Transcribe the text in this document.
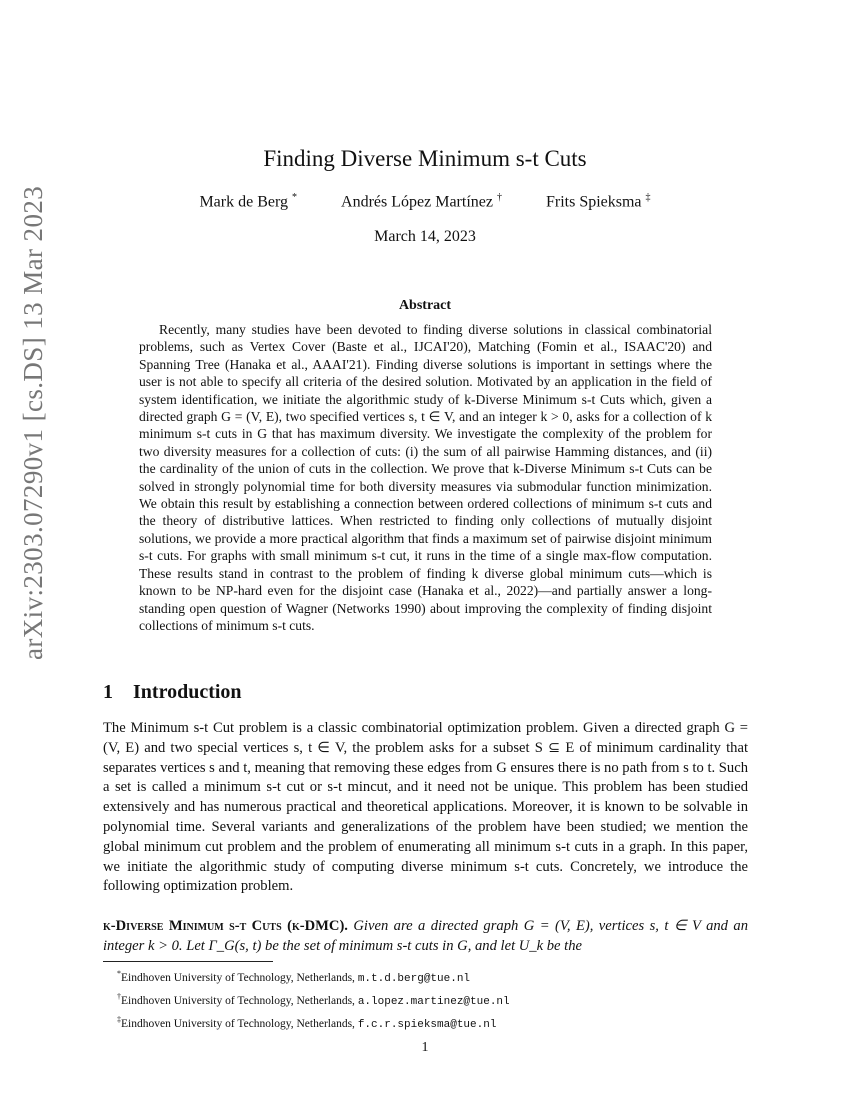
arXiv:2303.07290v1 [cs.DS] 13 Mar 2023
Finding Diverse Minimum s-t Cuts
Mark de Berg *	Andrés López Martínez †	Frits Spieksma ‡
March 14, 2023
Abstract

Recently, many studies have been devoted to finding diverse solutions in classical combinatorial problems, such as Vertex Cover (Baste et al., IJCAI'20), Matching (Fomin et al., ISAAC'20) and Spanning Tree (Hanaka et al., AAAI'21). Finding diverse solutions is important in settings where the user is not able to specify all criteria of the desired solution. Motivated by an application in the field of system identification, we initiate the algorithmic study of k-Diverse Minimum s-t Cuts which, given a directed graph G = (V, E), two specified vertices s, t ∈ V, and an integer k > 0, asks for a collection of k minimum s-t cuts in G that has maximum diversity. We investigate the complexity of the problem for two diversity measures for a collection of cuts: (i) the sum of all pairwise Hamming distances, and (ii) the cardinality of the union of cuts in the collection. We prove that k-Diverse Minimum s-t Cuts can be solved in strongly polynomial time for both diversity measures via submodular function minimization. We obtain this result by establishing a connection between ordered collections of minimum s-t cuts and the theory of distributive lattices. When restricted to finding only collections of mutually disjoint solutions, we provide a more practical algorithm that finds a maximum set of pairwise disjoint minimum s-t cuts. For graphs with small minimum s-t cut, it runs in the time of a single max-flow computation. These results stand in contrast to the problem of finding k diverse global minimum cuts—which is known to be NP-hard even for the disjoint case (Hanaka et al., 2022)—and partially answer a long-standing open question of Wagner (Networks 1990) about improving the complexity of finding disjoint collections of minimum s-t cuts.

1 Introduction

The Minimum s-t Cut problem is a classic combinatorial optimization problem. Given a directed graph G = (V, E) and two special vertices s, t ∈ V, the problem asks for a subset S ⊆ E of minimum cardinality that separates vertices s and t, meaning that removing these edges from G ensures there is no path from s to t. Such a set is called a minimum s-t cut or s-t mincut, and it need not be unique. This problem has been studied extensively and has numerous practical and theoretical applications. Moreover, it is known to be solvable in polynomial time. Several variants and generalizations of the problem have been studied; we mention the global minimum cut problem and the problem of enumerating all minimum s-t cuts in a graph. In this paper, we initiate the algorithmic study of computing diverse minimum s-t cuts. Concretely, we introduce the following optimization problem.

k-Diverse Minimum s-t Cuts (k-DMC). Given are a directed graph G = (V, E), vertices s, t ∈ V and an integer k > 0. Let Γ_G(s, t) be the set of minimum s-t cuts in G, and let U_k be the

*Eindhoven University of Technology, Netherlands, m.t.d.berg@tue.nl
†Eindhoven University of Technology, Netherlands, a.lopez.martinez@tue.nl
‡Eindhoven University of Technology, Netherlands, f.c.r.spieksma@tue.nl
1
